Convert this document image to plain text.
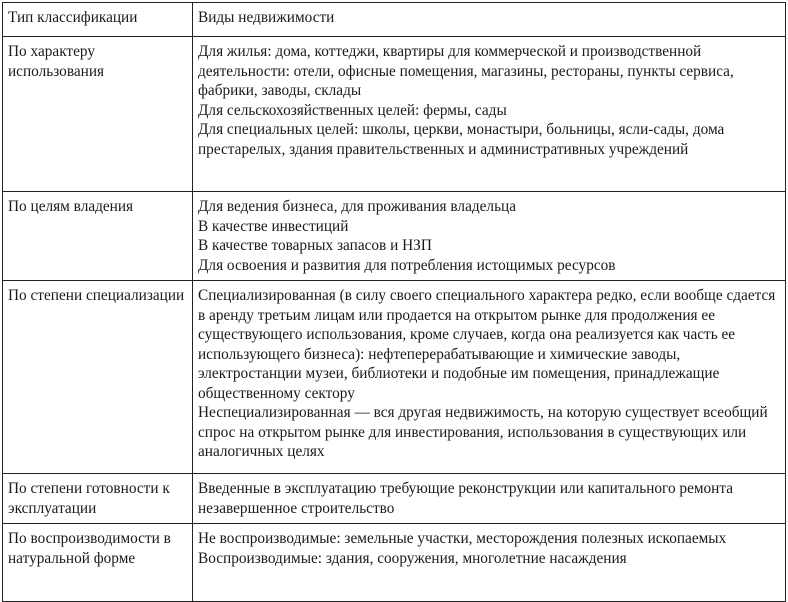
Тип классификации	Виды недвижимости
По характеру использования	Для жилья: дома, коттеджи, квартиры для коммерческой и производственной деятельности: отели, офисные помещения, магазины, рестораны, пункты сервиса, фабрики, заводы, склады
Для сельскохозяйственных целей: фермы, сады
Для специальных целей: школы, церкви, монастыри, больницы, ясли-сады, дома престарелых, здания правительственных и административных учреждений

По целям владения	Для ведения бизнеса, для проживания владельца
В качестве инвестиций
В качестве товарных запасов и НЗП
Для освоения и развития для потребления истощимых ресурсов

По степени специализации	Специализированная (в силу своего специального характера редко, если вообще сдается в аренду третьим лицам или продается на открытом рынке для продолжения ее существующего использования, кроме случаев, когда она реализуется как часть ее использующего бизнеса): нефтеперерабатывающие и химические заводы, электростанции музеи, библиотеки и подобные им помещения, принадлежащие общественному сектору
Неспециализированная — вся другая недвижимость, на которую существует всеобщий спрос на открытом рынке для инвестирования, использования в существующих или аналогичных целях

По степени готовности к эксплуатации	Введенные в эксплуатацию требующие реконструкции или капитального ремонта незавершенное строительство

По воспроизводимости в натуральной форме	Не воспроизводимые: земельные участки, месторождения полезных ископаемых
Воспроизводимые: здания, сооружения, многолетние насаждения
